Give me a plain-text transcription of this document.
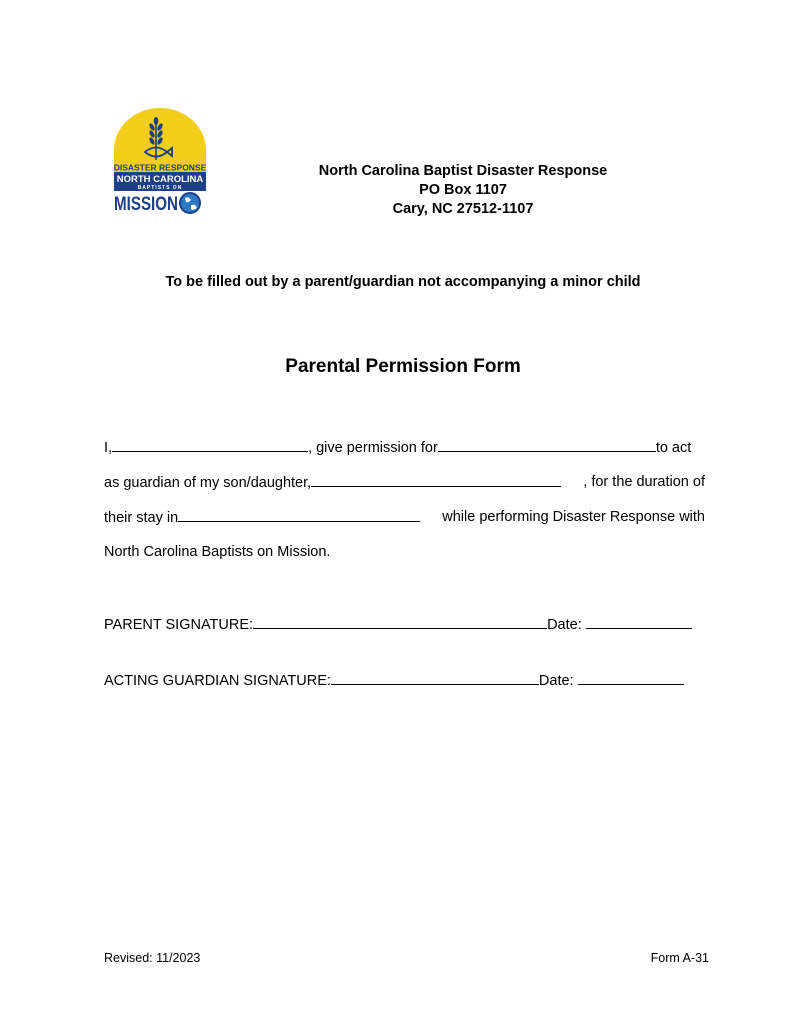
DISASTER RESPONSE
NORTH CAROLINA
BAPTISTS ON
MISSION
North Carolina Baptist Disaster Response
PO Box 1107
Cary, NC 27512-1107
To be filled out by a parent/guardian not accompanying a minor child
Parental Permission Form
I,	, give permission for	to act
as guardian of my son/daughter,	, for the duration of
their stay in	while performing Disaster Response with
North Carolina Baptists on Mission.
PARENT SIGNATURE:	Date:
ACTING GUARDIAN SIGNATURE:	Date:
Revised: 11/2023	Form A-31
